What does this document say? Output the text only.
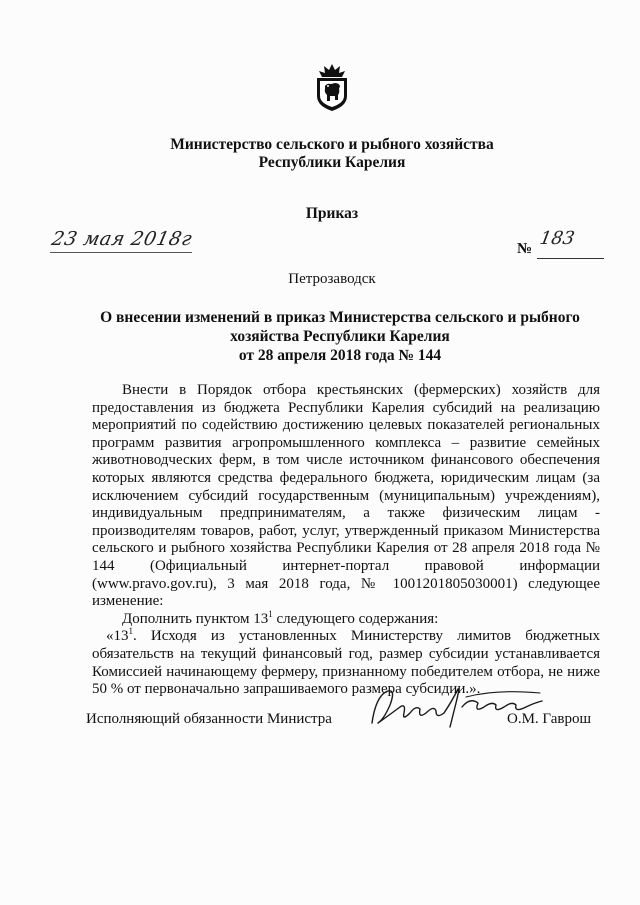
Министерство сельского и рыбного хозяйства
Республики Карелия
Приказ
23 мая 2018г	№ 183
Петрозаводск
О внесении изменений в приказ Министерства сельского и рыбного
хозяйства Республики Карелия
от 28 апреля 2018 года № 144

Внести в Порядок отбора крестьянских (фермерских) хозяйств для предоставления из бюджета Республики Карелия субсидий на реализацию мероприятий по содействию достижению целевых показателей региональных программ развития агропромышленного комплекса – развитие семейных животноводческих ферм, в том числе источником финансового обеспечения которых являются средства федерального бюджета, юридическим лицам (за исключением субсидий государственным (муниципальным) учреждениям), индивидуальным предпринимателям, а также физическим лицам - производителям товаров, работ, услуг, утвержденный приказом Министерства сельского и рыбного хозяйства Республики Карелия от 28 апреля 2018 года № 144 (Официальный интернет-портал правовой информации (www.pravo.gov.ru), 3 мая 2018 года, № 1001201805030001) следующее изменение:

Дополнить пунктом $13^1$ следующего содержания:

«$13^1$. Исходя из установленных Министерству лимитов бюджетных обязательств на текущий финансовый год, размер субсидии устанавливается Комиссией начинающему фермеру, признанному победителем отбора, не ниже 50 % от первоначально запрашиваемого размера субсидии.».

Исполняющий обязанности Министра	О.М. Гаврош
